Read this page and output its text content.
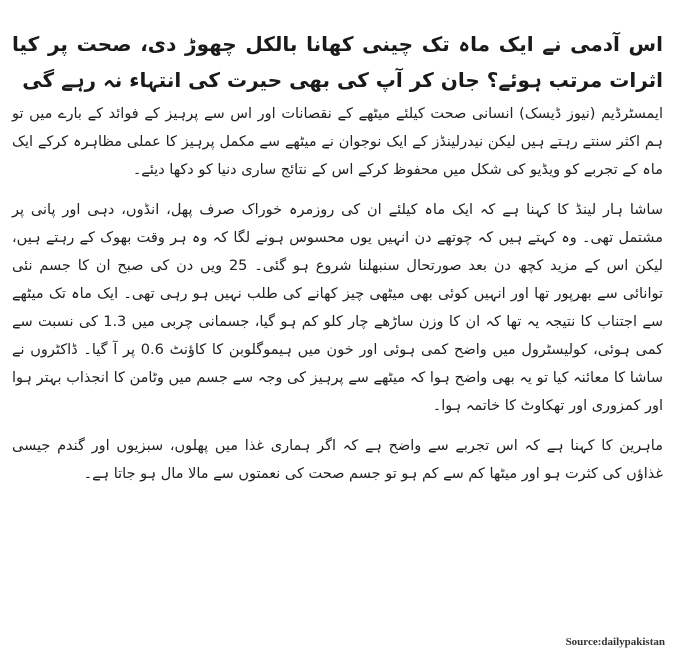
اس آدمی نے ایک ماہ تک چینی کھانا بالکل چھوڑ دی، صحت پر کیا اثرات مرتب ہوئے؟ جان کر آپ کی بھی حیرت کی انتہاء نہ رہے گی

ایمسٹرڈیم (نیوز ڈیسک) انسانی صحت کیلئے میٹھے کے نقصانات اور اس سے پرہیز کے فوائد کے بارے میں تو ہم اکثر سنتے رہتے ہیں لیکن نیدرلینڈز کے ایک نوجوان نے میٹھے سے مکمل پرہیز کا عملی مظاہرہ کرکے ایک ماہ کے تجربے کو ویڈیو کی شکل میں محفوظ کرکے اس کے نتائج ساری دنیا کو دکھا دیئے۔

ساشا ہار لینڈ کا کہنا ہے کہ ایک ماہ کیلئے ان کی روزمرہ خوراک صرف پھل، انڈوں، دہی اور پانی پر مشتمل تھی۔ وہ کہتے ہیں کہ چوتھے دن انہیں یوں محسوس ہونے لگا کہ وہ ہر وقت بھوک کے رہتے ہیں، لیکن اس کے مزید کچھ دن بعد صورتحال سنبھلنا شروع ہو گئی۔ 25 ویں دن کی صبح ان کا جسم نئی توانائی سے بھرپور تھا اور انہیں کوئی بھی میٹھی چیز کھانے کی طلب نہیں ہو رہی تھی۔ ایک ماہ تک میٹھے سے اجتناب کا نتیجہ یہ تھا کہ ان کا وزن ساڑھے چار کلو کم ہو گیا، جسمانی چربی میں 1.3 کی نسبت سے کمی ہوئی، کولیسٹرول میں واضح کمی ہوئی اور خون میں ہیموگلوبن کا کاؤنٹ 0.6 پر آ گیا۔ ڈاکٹروں نے ساشا کا معائنہ کیا تو یہ بھی واضح ہوا کہ میٹھے سے پرہیز کی وجہ سے جسم میں وٹامن کا انجذاب بہتر ہوا اور کمزوری اور تھکاوٹ کا خاتمہ ہوا۔

ماہرین کا کہنا ہے کہ اس تجربے سے واضح ہے کہ اگر ہماری غذا میں پھلوں، سبزیوں اور گندم جیسی غذاؤں کی کثرت ہو اور میٹھا کم سے کم ہو تو جسم صحت کی نعمتوں سے مالا مال ہو جاتا ہے۔

Source:dailypakistan
